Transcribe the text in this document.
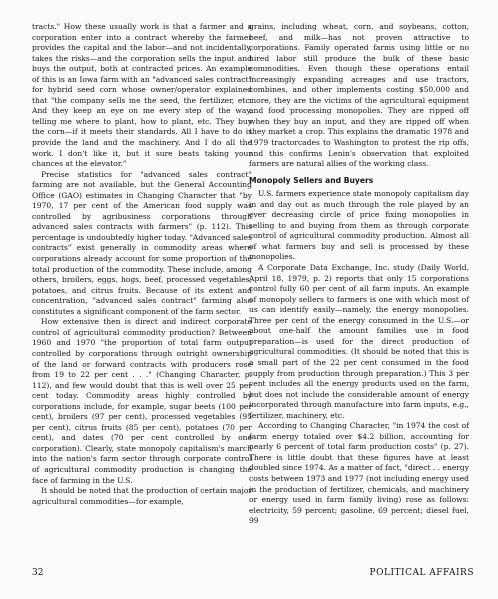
tracts." How these usually work is that a farmer and a corporation enter into a contract whereby the farmer provides the capital and the labor—and not incidentally, takes the risks—and the corporation sells the input and buys the output, both at contracted prices. An example of this is an Iowa farm with an "advanced sales contract" for hybrid seed corn whose owner/operator explained that "the company sells me the seed, the fertilizer, etc. And they keep an eye on me every step of the way, telling me where to plant, how to plant, etc. They buy the corn—if it meets their standards. All I have to do is provide the land and the machinery. And I do all the work. I don't like it, but it sure beats taking your chances at the elevator."

Precise statistics for "advanced sales contract" farming are not available, but the General Accounting Office (GAO) estimates in Changing Character that "by 1970, 17 per cent of the American food supply was controlled by agribusiness corporations through advanced sales contracts with farmers" (p. 112). This percentage is undoubtedly higher today. "Advanced sales contracts" exist generally in commodity areas where corporations already account for some proportion of the total production of the commodity. These include, among others, broilers, eggs, hogs, beef, processed vegetables, potatoes, and citrus fruits. Because of its extent and concentration, "advanced sales contract" farming also constitutes a significant component of the farm sector.

How extensive then is direct and indirect corporate control of agricultural commodity production? Between 1960 and 1970 "the proportion of total farm output controlled by corporations through outright ownership of the land or forward contracts with producers rose from 19 to 22 per cent . . ." (Changing Character, p. 112), and few would doubt that this is well over 25 per cent today. Commodity areas highly controlled by corporations include, for example, sugar beets (100 per cent), broilers (97 per cent), processed vegetables (95 per cent), citrus fruits (85 per cent), potatoes (70 per cent), and dates (70 per cent controlled by one corporation). Clearly, state monopoly capitalism's march into the nation's farm sector through corporate control of agricultural commodity production is changing the face of farming in the U.S.

It should be noted that the production of certain major agricultural commodities—for example,

grains, including wheat, corn, and soybeans, cotton, beef, and milk—has not proven attractive to corporations. Family operated farms using little or no hired labor still produce the bulk of these basic commodities. Even though these operations entail increasingly expanding acreages and use tractors, combines, and other implements costing $50,000 and more, they are the victims of the agricultural equipment and food processing monopolies. They are ripped off when they buy an input, and they are ripped off when they market a crop. This explains the dramatic 1978 and 1979 tractorcades to Washington to protest the rip offs, and this confirms Lenin's observation that exploited farmers are natural allies of the working class.

Monopoly Sellers and Buyers

U.S. farmers experience state monopoly capitalism day in and day out as much through the role played by an ever decreasing circle of price fixing monopolies in selling to and buying from them as through corporate control of agricultural commodity production. Almost all of what farmers buy and sell is processed by these monopolies.

A Corporate Data Exchange, Inc. study (Daily World, April 18, 1979, p. 2) reports that only 15 corporations control fully 60 per cent of all farm inputs. An example of monopoly sellers to farmers is one with which most of us can identify easily—namely, the energy monopolies. Three per cent of the energy consumed in the U.S.—or about one-half the amount families use in food preparation—is used for the direct production of agricultural commodities. (It should be noted that this is a small part of the 22 per cent consumed in the food supply from production through preparation.) This 3 per cent includes all the energy products used on the farm, but does not include the considerable amount of energy incorporated through manufacture into farm inputs, e.g., fertilizer, machinery, etc.

According to Changing Character, "in 1974 the cost of farm energy totaled over $4.2 billion, accounting for nearly 6 percent of total farm production costs" (p. 27). There is little doubt that these figures have at least doubled since 1974. As a matter of fact, "direct . . energy costs between 1973 and 1977 (not including energy used in the production of fertilizer, chemicals, and machinery or energy used in farm family living) rose as follows: electricity, 59 percent; gasoline, 69 percent; diesel fuel, 99

32	POLITICAL AFFAIRS
